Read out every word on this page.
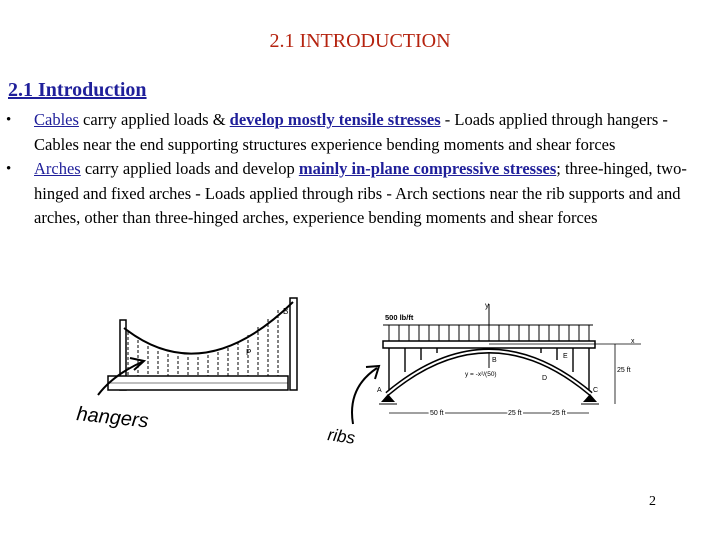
2.1 INTRODUCTION
2.1 Introduction
• Cables carry applied loads & develop mostly tensile stresses - Loads applied through hangers - Cables near the end supporting structures experience bending moments and shear forces
• Arches carry applied loads and develop mainly in-plane compressive stresses; three-hinged, two-hinged and fixed arches - Loads applied through ribs - Arch sections near the rib supports and and arches, other than three-hinged arches, experience bending moments and shear forces
B
P
hangers
y
500 lb/ft
x
A
B
C
D
E
y = -x²/(50)
50 ft	25 ft	25 ft
25 ft
ribs
2
